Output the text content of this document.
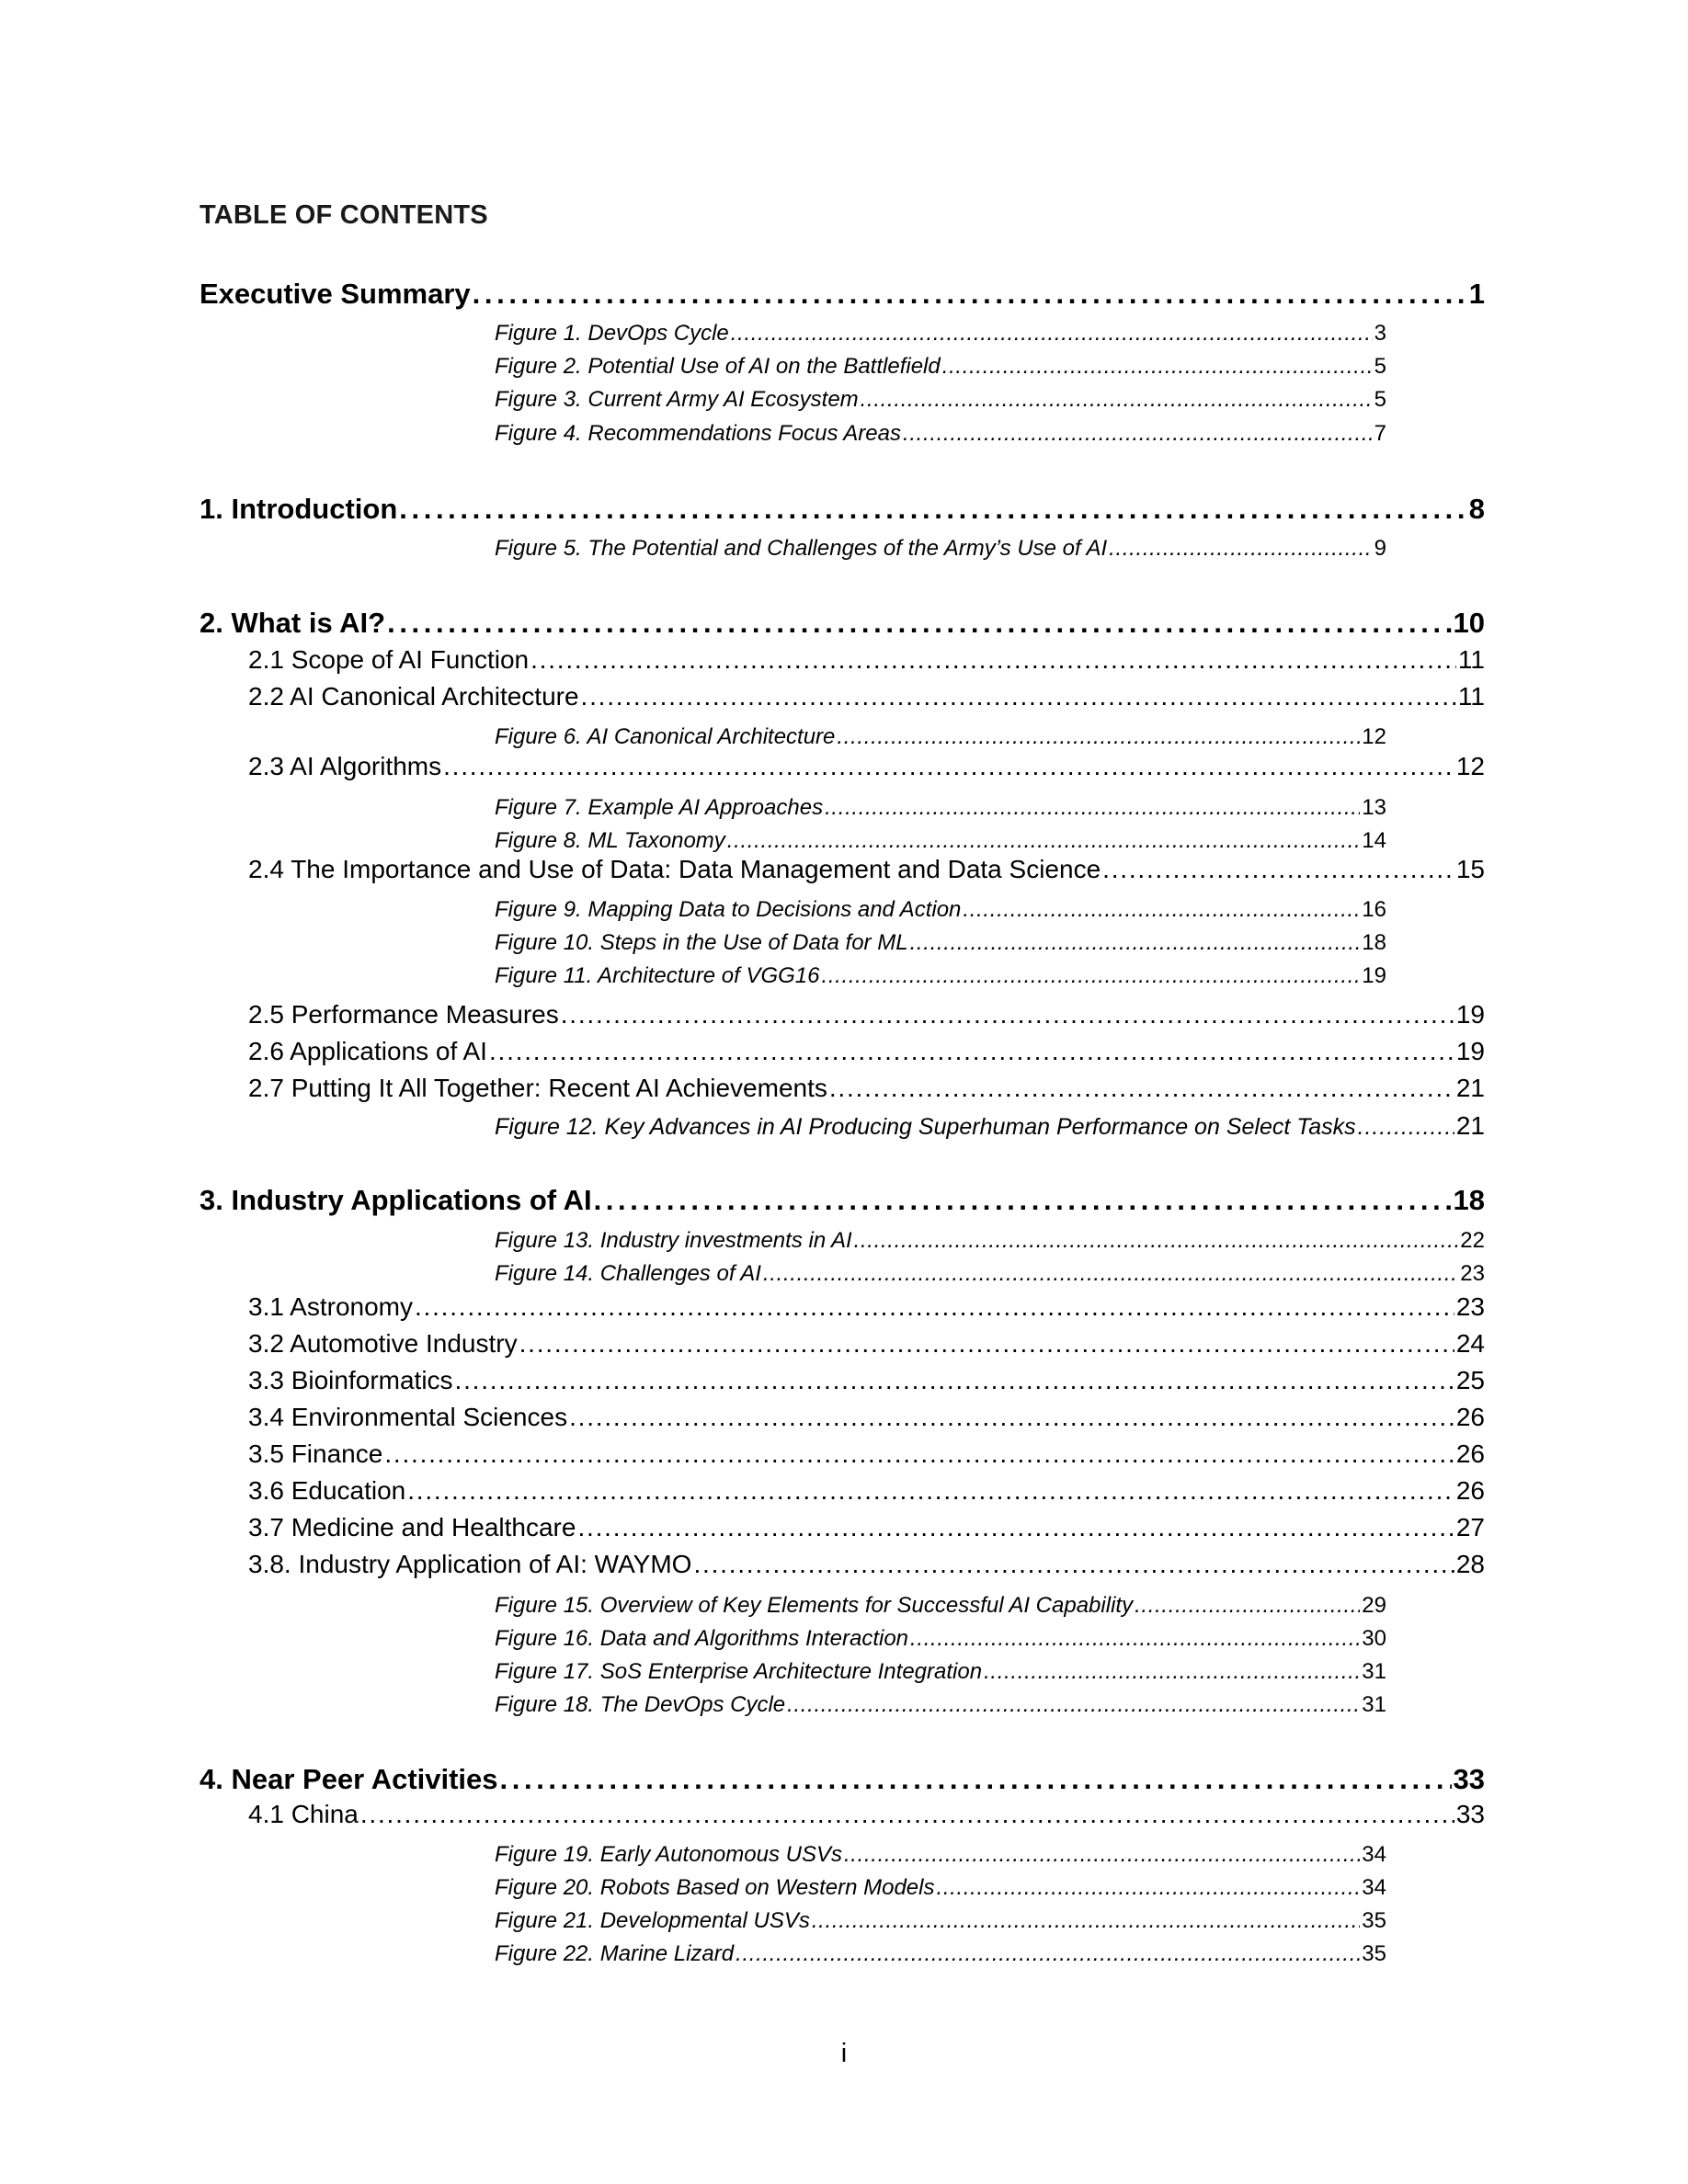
TABLE OF CONTENTS
Executive Summary . . .	1
Figure 1. DevOps Cycle . . .	3
Figure 2. Potential Use of AI on the Battlefield . . .	5
Figure 3. Current Army AI Ecosystem . . .	5
Figure 4. Recommendations Focus Areas . . .	7
1. Introduction . . .	8
Figure 5. The Potential and Challenges of the Army’s Use of AI . . .	9
2. What is AI? . . .	10
2.1 Scope of AI Function . . .	11
2.2 AI Canonical Architecture . . .	11
Figure 6. AI Canonical Architecture . . .	12
2.3 AI Algorithms . . .	12
Figure 7. Example AI Approaches . . .	13
Figure 8. ML Taxonomy . . .	14
2.4 The Importance and Use of Data: Data Management and Data Science . . .	15
Figure 9. Mapping Data to Decisions and Action . . .	16
Figure 10. Steps in the Use of Data for ML . . .	18
Figure 11. Architecture of VGG16 . . .	19
2.5 Performance Measures . . .	19
2.6 Applications of AI . . .	19
2.7 Putting It All Together: Recent AI Achievements . . .	21
Figure 12. Key Advances in AI Producing Superhuman Performance on Select Tasks . . .	21
3. Industry Applications of AI . . .	18
Figure 13. Industry investments in AI . . .	22
Figure 14. Challenges of AI . . .	23
3.1 Astronomy . . .	23
3.2 Automotive Industry . . .	24
3.3 Bioinformatics . . .	25
3.4 Environmental Sciences . . .	26
3.5 Finance . . .	26
3.6 Education . . .	26
3.7 Medicine and Healthcare . . .	27
3.8. Industry Application of AI: WAYMO . . .	28
Figure 15. Overview of Key Elements for Successful AI Capability . . .	29
Figure 16. Data and Algorithms Interaction . . .	30
Figure 17. SoS Enterprise Architecture Integration . . .	31
Figure 18. The DevOps Cycle . . .	31
4. Near Peer Activities . . .	33
4.1 China . . .	33
Figure 19. Early Autonomous USVs . . .	34
Figure 20. Robots Based on Western Models . . .	34
Figure 21. Developmental USVs . . .	35
Figure 22. Marine Lizard . . .	35
i
